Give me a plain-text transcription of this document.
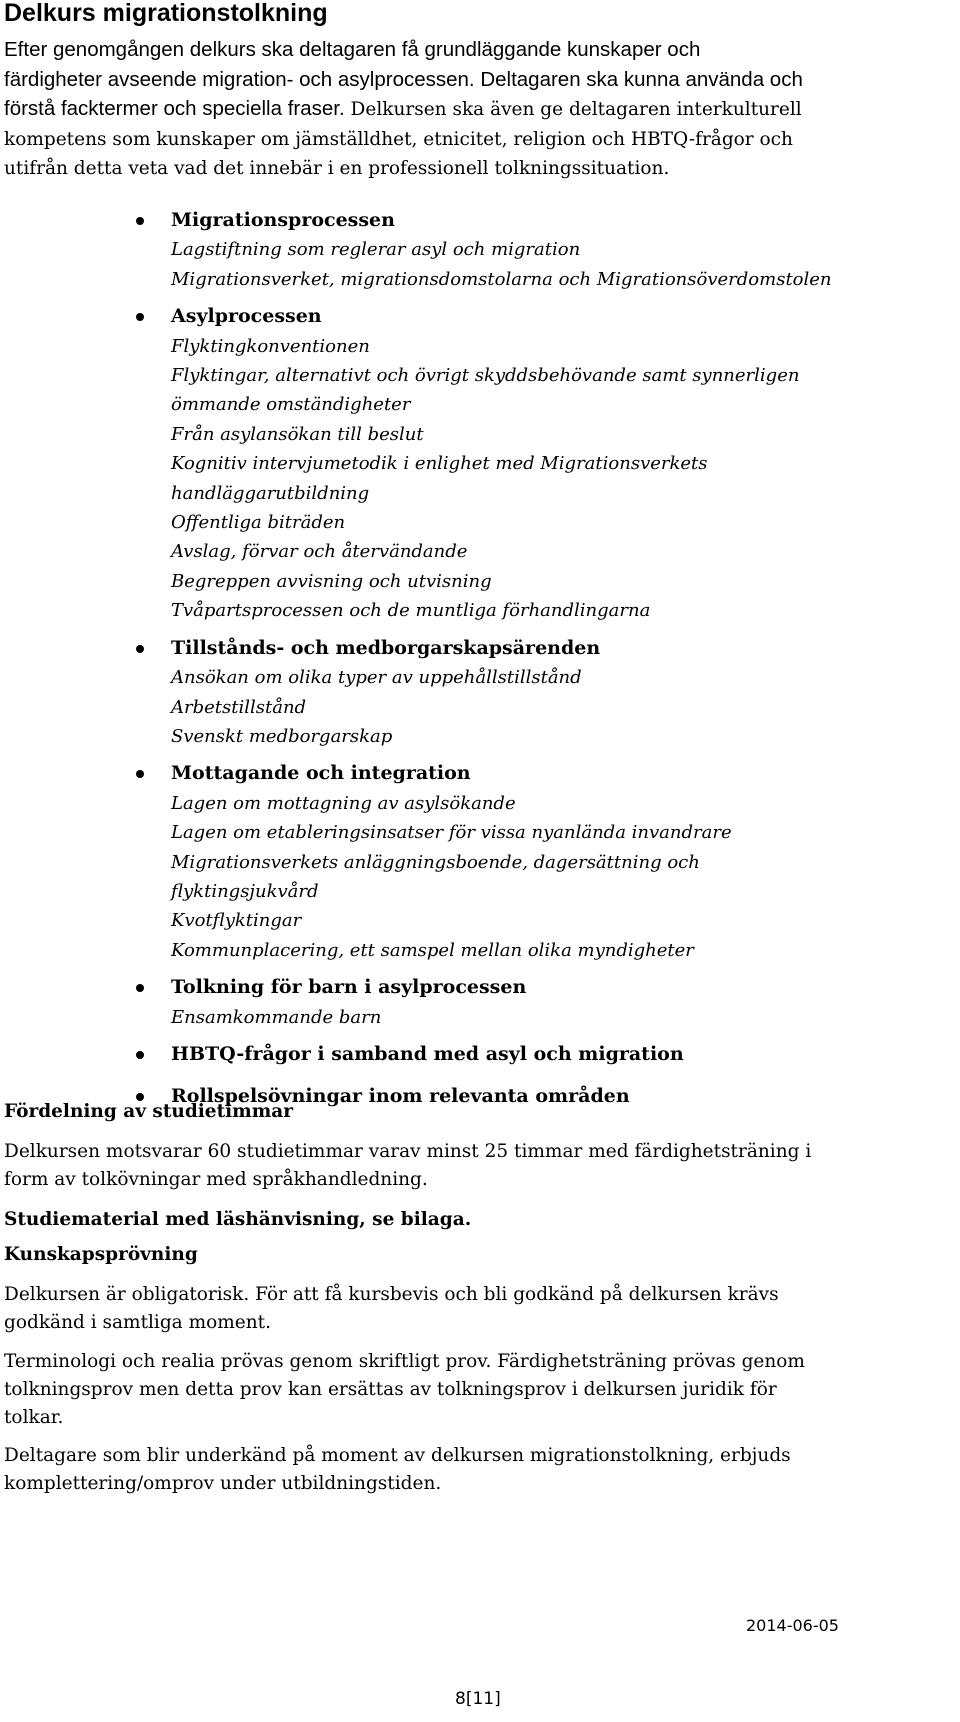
Delkurs migrationstolkning
Efter genomgången delkurs ska deltagaren få grundläggande kunskaper och
färdigheter avseende migration- och asylprocessen. Deltagaren ska kunna använda och
förstå facktermer och speciella fraser. Delkursen ska även ge deltagaren interkulturell
kompetens som kunskaper om jämställdhet, etnicitet, religion och HBTQ-frågor och
utifrån detta veta vad det innebär i en professionell tolkningssituation.
Migrationsprocessen
Lagstiftning som reglerar asyl och migration
Migrationsverket, migrationsdomstolarna och Migrationsöverdomstolen
Asylprocessen
Flyktingkonventionen
Flyktingar, alternativt och övrigt skyddsbehövande samt synnerligen
ömmande omständigheter
Från asylansökan till beslut
Kognitiv intervjumetodik i enlighet med Migrationsverkets
handläggarutbildning
Offentliga biträden
Avslag, förvar och återvändande
Begreppen avvisning och utvisning
Tvåpartsprocessen och de muntliga förhandlingarna
Tillstånds- och medborgarskapsärenden
Ansökan om olika typer av uppehållstillstånd
Arbetstillstånd
Svenskt medborgarskap
Mottagande och integration
Lagen om mottagning av asylsökande
Lagen om etableringsinsatser för vissa nyanlända invandrare
Migrationsverkets anläggningsboende, dagersättning och
flyktingsjukvård
Kvotflyktingar
Kommunplacering, ett samspel mellan olika myndigheter
Tolkning för barn i asylprocessen
Ensamkommande barn
HBTQ-frågor i samband med asyl och migration
Rollspelsövningar inom relevanta områden
Fördelning av studietimmar
Delkursen motsvarar 60 studietimmar varav minst 25 timmar med färdighetsträning i
form av tolkövningar med språkhandledning.
Studiematerial med läshänvisning, se bilaga.
Kunskapsprövning
Delkursen är obligatorisk. För att få kursbevis och bli godkänd på delkursen krävs
godkänd i samtliga moment.
Terminologi och realia prövas genom skriftligt prov. Färdighetsträning prövas genom
tolkningsprov men detta prov kan ersättas av tolkningsprov i delkursen juridik för
tolkar.
Deltagare som blir underkänd på moment av delkursen migrationstolkning, erbjuds
komplettering/omprov under utbildningstiden.
2014-06-05
8[11]
